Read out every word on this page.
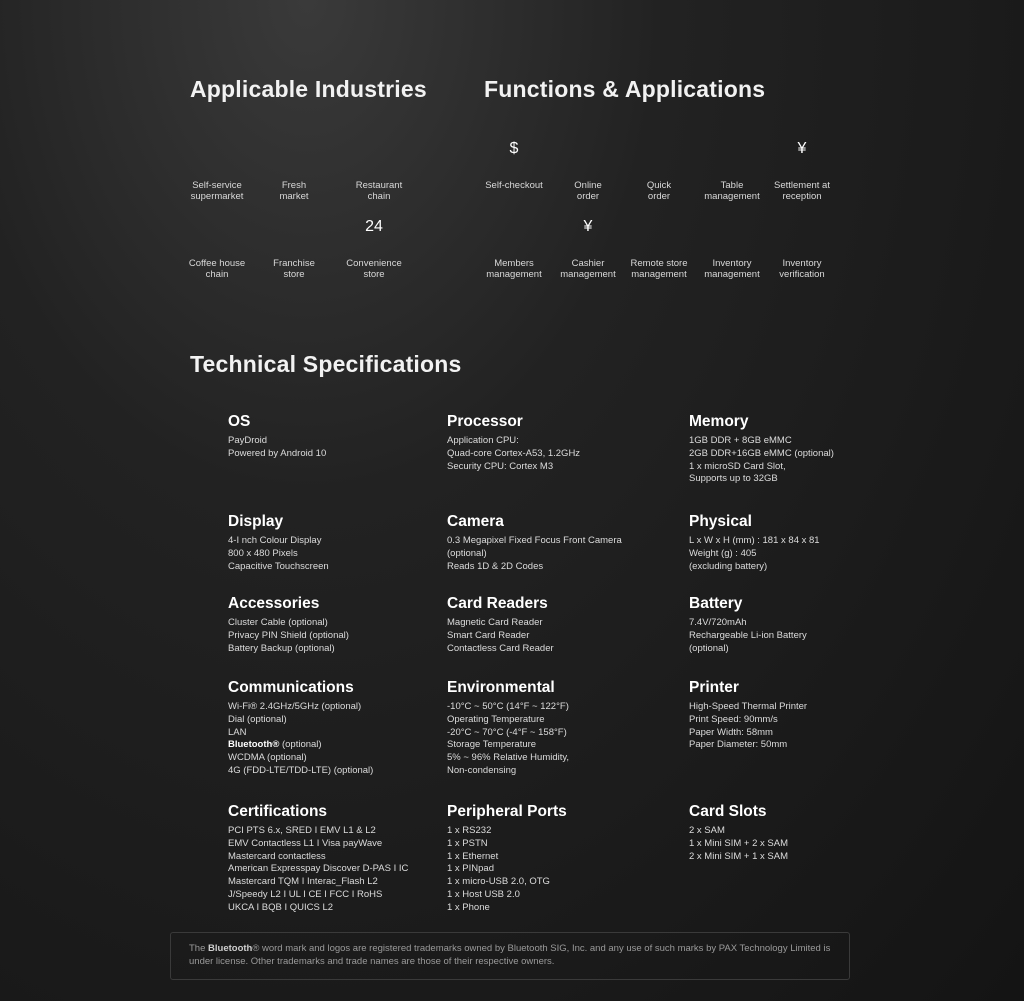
Applicable Industries Functions & Applications
Technical Specifications
Self-service
supermarket
Fresh
market
Restaurant
chain
Coffee house
chain
Franchise
store
24
Convenience
store
$
Self-checkout	Online
order
Quick
order
Table
management
¥
Settlement at
reception
Members
management
¥
Cashier
management
Remote store
management
Inventory
management
Inventory
verification
OS
PayDroid
Powered by Android 10
Processor
Application CPU:
Quad-core Cortex-A53, 1.2GHz
Security CPU: Cortex M3
Memory
1GB DDR + 8GB eMMC
2GB DDR+16GB eMMC (optional)
1 x microSD Card Slot,
Supports up to 32GB
Display
4-I nch Colour Display
800 x 480 Pixels
Capacitive Touchscreen
Camera
0.3 Megapixel Fixed Focus Front Camera
(optional)
Reads 1D & 2D Codes
Physical
L x W x H (mm) : 181 x 84 x 81
Weight (g) : 405
(excluding battery)
Accessories
Cluster Cable (optional)
Privacy PIN Shield (optional)
Battery Backup (optional)
Card Readers
Magnetic Card Reader
Smart Card Reader
Contactless Card Reader
Battery
7.4V/720mAh
Rechargeable Li-ion Battery
(optional)
Communications
Wi-Fi® 2.4GHz/5GHz (optional)
Dial (optional)
LAN
Bluetooth® (optional)
WCDMA (optional)
4G (FDD-LTE/TDD-LTE) (optional)
Environmental
-10°C ~ 50°C (14°F ~ 122°F)
Operating Temperature
-20°C ~ 70°C (-4°F ~ 158°F)
Storage Temperature
5% ~ 96% Relative Humidity,
Non-condensing
Printer
High-Speed Thermal Printer
Print Speed: 90mm/s
Paper Width: 58mm
Paper Diameter: 50mm
Certifications
PCI PTS 6.x, SRED I EMV L1 & L2
EMV Contactless L1 I Visa payWave
Mastercard contactless
American Expresspay Discover D-PAS I IC
Mastercard TQM I Interac_Flash L2
J/Speedy L2 I UL I CE I FCC I RoHS
UKCA I BQB I QUICS L2
Peripheral Ports
1 x RS232
1 x PSTN
1 x Ethernet
1 x PINpad
1 x micro-USB 2.0, OTG
1 x Host USB 2.0
1 x Phone
Card Slots
2 x SAM
1 x Mini SIM + 2 x SAM
2 x Mini SIM + 1 x SAM
The Bluetooth® word mark and logos are registered trademarks owned by Bluetooth SIG, Inc. and any use of such marks by PAX Technology Limited is under license. Other trademarks and trade names are those of their respective owners.
